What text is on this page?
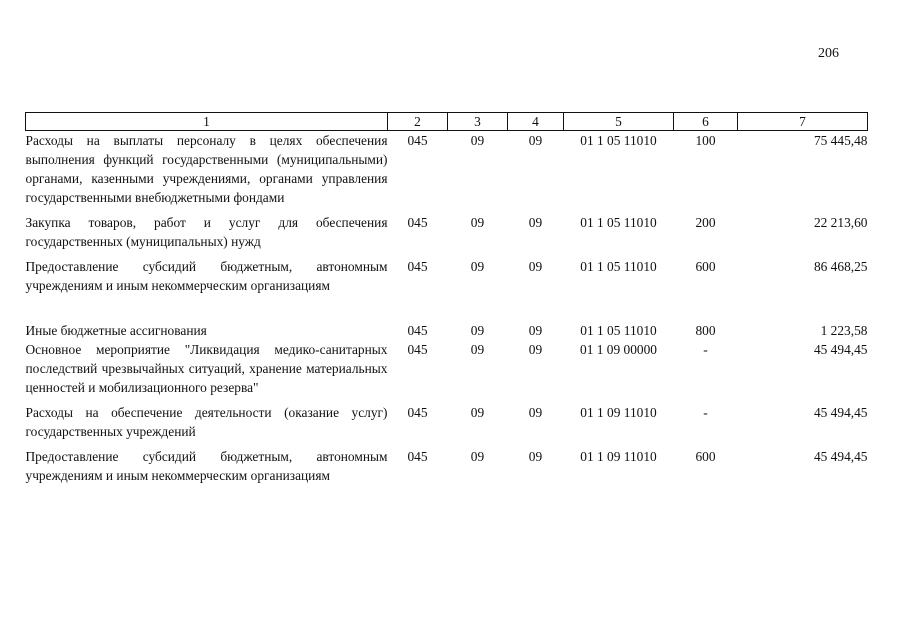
206
1	2	3	4	5	6	7
Расходы на выплаты персоналу в целях обеспечения выполнения функций государственными (муниципальными) органами, казенными учреждениями, органами управления государственными внебюджетными фондами	045	09	09	01 1 05 11010	100	75 445,48
Закупка товаров, работ и услуг для обеспечения государственных (муниципальных) нужд	045	09	09	01 1 05 11010	200	22 213,60
Предоставление субсидий бюджетным, автономным учреждениям и иным некоммерческим организациям	045	09	09	01 1 05 11010	600	86 468,25
Иные бюджетные ассигнования	045	09	09	01 1 05 11010	800	1 223,58
Основное мероприятие "Ликвидация медико-санитарных последствий чрезвычайных ситуаций, хранение материальных ценностей и мобилизационного резерва"	045	09	09	01 1 09 00000	-	45 494,45
Расходы на обеспечение деятельности (оказание услуг) государственных учреждений	045	09	09	01 1 09 11010	-	45 494,45
Предоставление субсидий бюджетным, автономным учреждениям и иным некоммерческим организациям	045	09	09	01 1 09 11010	600	45 494,45
